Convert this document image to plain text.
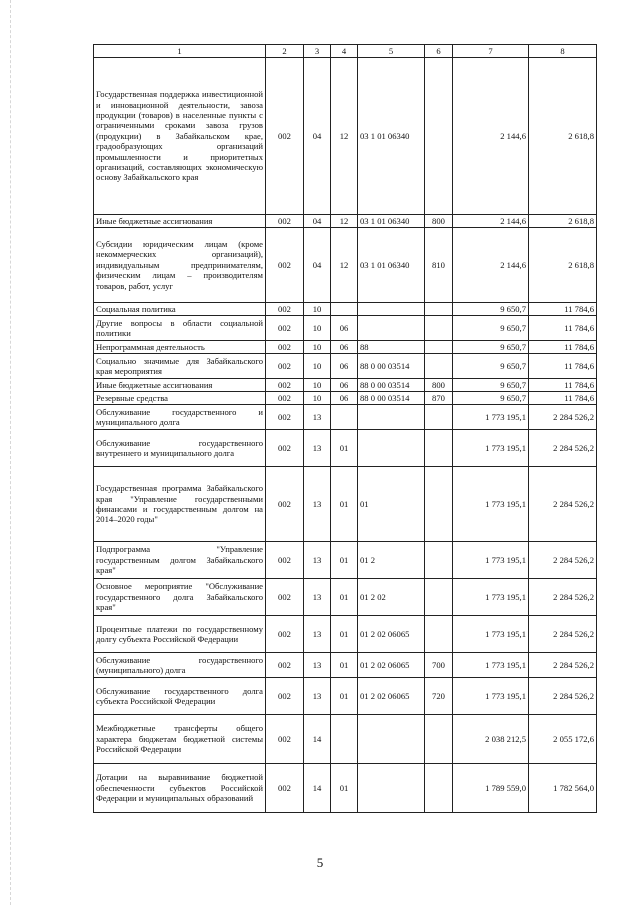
1	2	3	4	5	6	7	8
Государственная поддержка инвестиционной и инновационной деятельности, завоза продукции (товаров) в населенные пункты с ограниченными сроками завоза грузов (продукции) в Забайкальском крае, градообразующих организаций промышленности и приоритетных организаций, составляющих экономическую основу Забайкальского края	002	04	12	03 1 01 06340		2 144,6	2 618,8
Иные бюджетные ассигнования	002	04	12	03 1 01 06340	800	2 144,6	2 618,8
Субсидии юридическим лицам (кроме некоммерческих организаций), индивидуальным предпринимателям, физическим лицам – производителям товаров, работ, услуг	002	04	12	03 1 01 06340	810	2 144,6	2 618,8
Социальная политика	002	10				9 650,7	11 784,6
Другие вопросы в области социальной политики	002	10	06			9 650,7	11 784,6
Непрограммная деятельность	002	10	06	88		9 650,7	11 784,6
Социально значимые для Забайкальского края мероприятия	002	10	06	88 0 00 03514		9 650,7	11 784,6
Иные бюджетные ассигнования	002	10	06	88 0 00 03514	800	9 650,7	11 784,6
Резервные средства	002	10	06	88 0 00 03514	870	9 650,7	11 784,6
Обслуживание государственного и муниципального долга	002	13				1 773 195,1	2 284 526,2
Обслуживание государственного внутреннего и муниципального долга	002	13	01			1 773 195,1	2 284 526,2
Государственная программа Забайкальского края "Управление государственными финансами и государственным долгом на 2014–2020 годы"	002	13	01	01		1 773 195,1	2 284 526,2
Подпрограмма "Управление государственным долгом Забайкальского края"	002	13	01	01 2		1 773 195,1	2 284 526,2
Основное мероприятие "Обслуживание государственного долга Забайкальского края"	002	13	01	01 2 02		1 773 195,1	2 284 526,2
Процентные платежи по государственному долгу субъекта Российской Федерации	002	13	01	01 2 02 06065		1 773 195,1	2 284 526,2
Обслуживание государственного (муниципального) долга	002	13	01	01 2 02 06065	700	1 773 195,1	2 284 526,2
Обслуживание государственного долга субъекта Российской Федерации	002	13	01	01 2 02 06065	720	1 773 195,1	2 284 526,2
Межбюджетные трансферты общего характера бюджетам бюджетной системы Российской Федерации	002	14				2 038 212,5	2 055 172,6
Дотации на выравнивание бюджетной обеспеченности субъектов Российской Федерации и муниципальных образований	002	14	01			1 789 559,0	1 782 564,0
5
